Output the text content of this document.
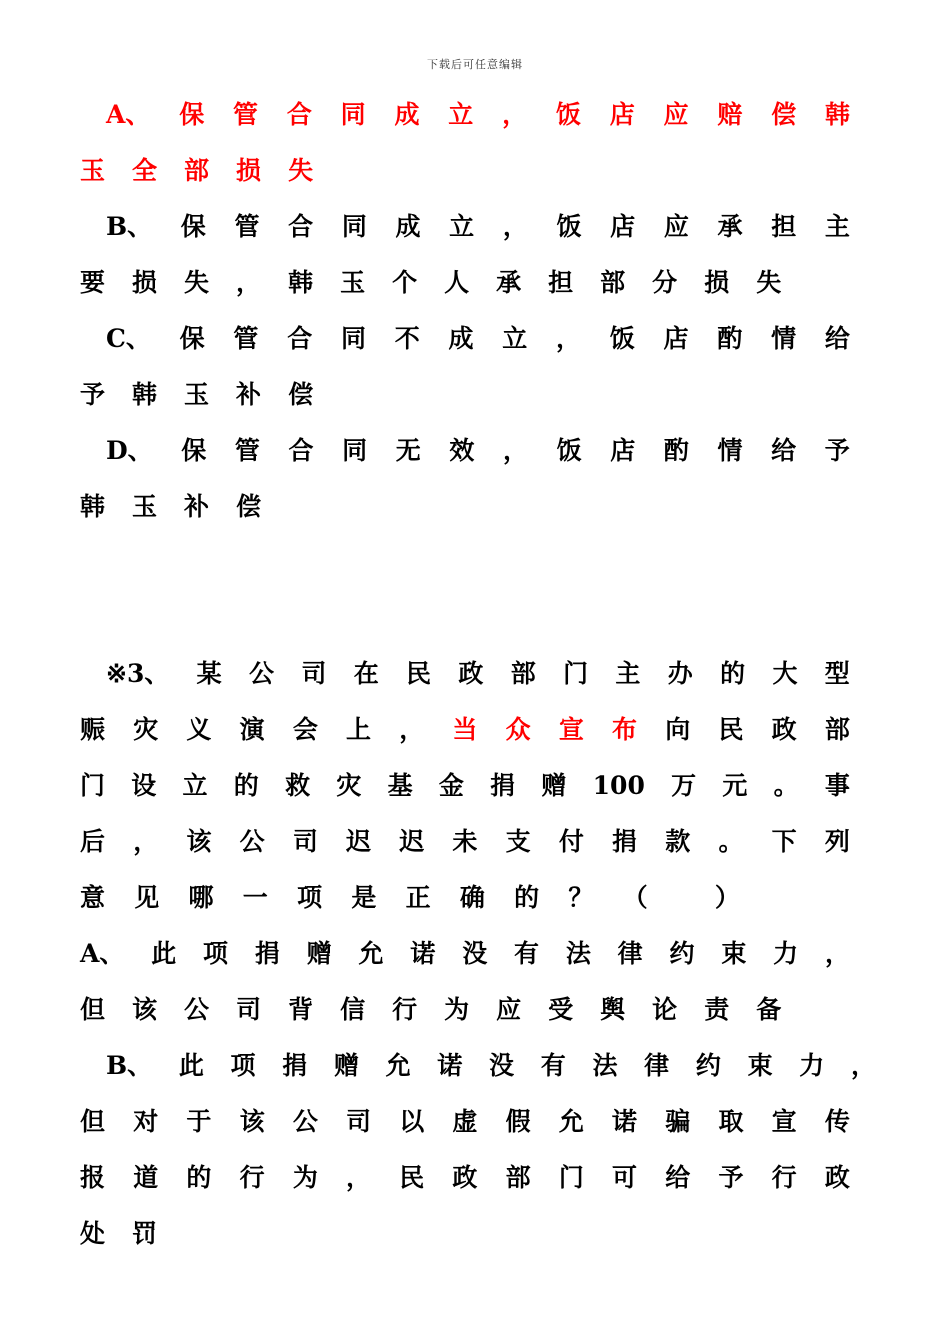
下载后可任意编辑
A、 保 管 合 同 成 立 ， 饭 店 应 赔 偿 韩
玉 全 部 损 失
B、 保 管 合 同 成 立 ， 饭 店 应 承 担 主
要 损 失 ， 韩 玉 个 人 承 担 部 分 损 失
C、 保 管 合 同 不 成 立 ， 饭 店 酌 情 给
予 韩 玉 补 偿
D、 保 管 合 同 无 效 ， 饭 店 酌 情 给 予
韩 玉 补 偿
※3、 某 公 司 在 民 政 部 门 主 办 的 大 型
赈 灾 义 演 会 上 ， 当 众 宣 布 向 民 政 部
门 设 立 的 救 灾 基 金 捐 赠 100 万 元 。 事
后 ， 该 公 司 迟 迟 未 支 付 捐 款 。 下 列
意 见 哪 一 项 是 正 确 的 ？ （
	）
A、 此 项 捐 赠 允 诺 没 有 法 律 约 束 力 ，
但 该 公 司 背 信 行 为 应 受 舆 论 责 备
B、 此 项 捐 赠 允 诺 没 有 法 律 约 束 力 ，
但 对 于 该 公 司 以 虚 假 允 诺 骗 取 宣 传
报 道 的 行 为 ， 民 政 部 门 可 给 予 行 政
处 罚
